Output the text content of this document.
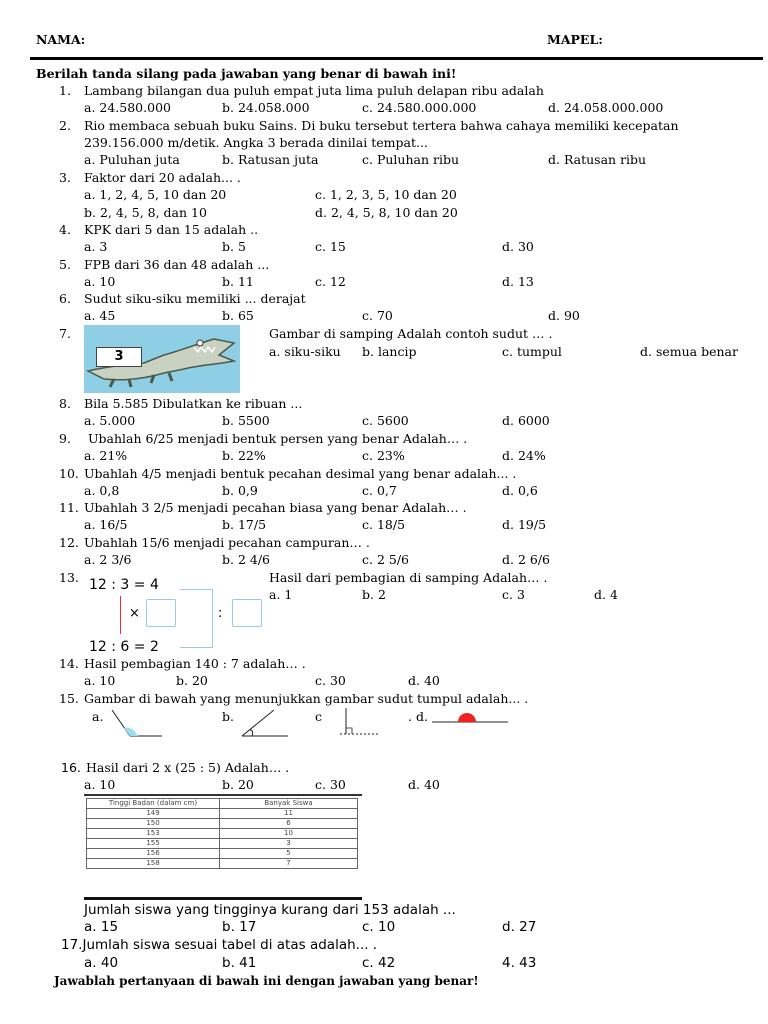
NAMA:	MAPEL:
Berilah tanda silang pada jawaban yang benar di bawah ini!
1. Lambang bilangan dua puluh empat juta lima puluh delapan ribu adalah
a. 24.580.000	b. 24.058.000	c. 24.580.000.000	d. 24.058.000.000
2. Rio membaca sebuah buku Sains. Di buku tersebut tertera bahwa cahaya memiliki kecepatan
239.156.000 m/detik. Angka 3 berada dinilai tempat...
a. Puluhan juta	b. Ratusan juta	c. Puluhan ribu	d. Ratusan ribu
3. Faktor dari 20 adalah... .
a. 1, 2, 4, 5, 10 dan 20	c. 1, 2, 3, 5, 10 dan 20
b. 2, 4, 5, 8, dan 10	d. 2, 4, 5, 8, 10 dan 20
4. KPK dari 5 dan 15 adalah ..
a. 3	b. 5	c. 15	d. 30
5. FPB dari 36 dan 48 adalah ...
a. 10	b. 11	c. 12	d. 13
6. Sudut siku-siku memiliki ... derajat
a. 45	b. 65	c. 70	d. 90
7.
3
Gambar di samping Adalah contoh sudut … .
a. siku-siku b. lancip	c. tumpul	d. semua benar
8. Bila 5.585 Dibulatkan ke ribuan ...
a. 5.000	b. 5500	c. 5600	d. 6000
9. Ubahlah 6/25 menjadi bentuk persen yang benar Adalah… .
a. 21%	b. 22%	c. 23%	d. 24%
10. Ubahlah 4/5 menjadi bentuk pecahan desimal yang benar adalah... .
a. 0,8	b. 0,9	c. 0,7	d. 0,6
11. Ubahlah 3 2/5 menjadi pecahan biasa yang benar Adalah… .
a. 16/5	b. 17/5	c. 18/5	d. 19/5
12. Ubahlah 15/6 menjadi pecahan campuran… .
a. 2 3/6	b. 2 4/6	c. 2 5/6	d. 2 6/6
13. 12 : 3 = 4
12 : 6 = 2
×	:
Hasil dari pembagian di samping Adalah… .
a. 1	b. 2	c. 3	d. 4
14. Hasil pembagian 140 : 7 adalah… .
a. 10	b. 20	c. 30	d. 40
15. Gambar di bawah yang menunjukkan gambar sudut tumpul adalah... .
a.	b.	c	. d.
16. Hasil dari 2 x (25 : 5) Adalah… .
a. 10	b. 20	c. 30	d. 40
Tinggi Badan (dalam cm)	Banyak Siswa
149	11
150	6
153	10
155	3
156	5
158	7
Jumlah siswa yang tingginya kurang dari 153 adalah ...
a. 15	b. 17	c. 10	d. 27
17.Jumlah siswa sesuai tabel di atas adalah... .
a. 40	b. 41	c. 42	4. 43
Jawablah pertanyaan di bawah ini dengan jawaban yang benar!
